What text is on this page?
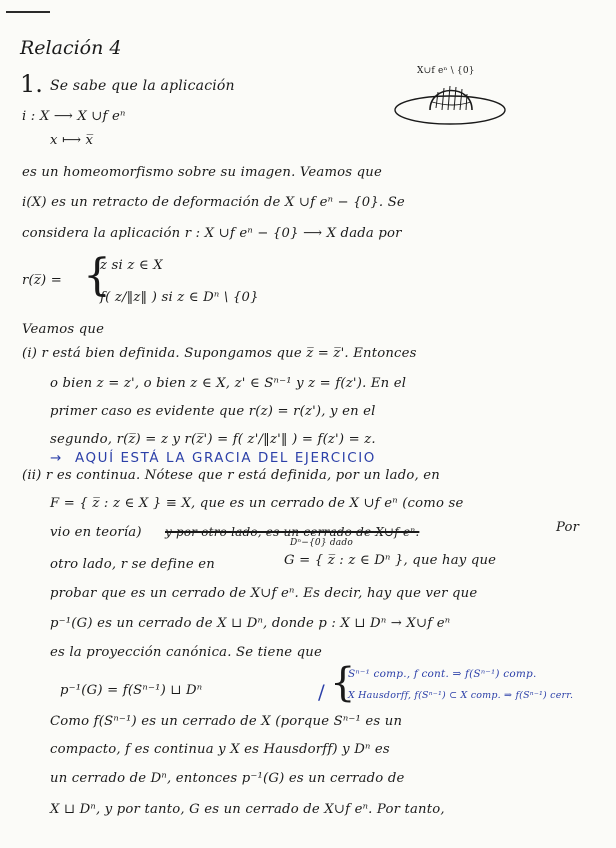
Relación 4
1. Se sabe que la aplicación
X∪f eⁿ \ {0}
i : X ⟶ X ∪f eⁿ
x ⟼ x̅
es un homeomorfismo sobre su imagen. Veamos que
i(X) es un retracto de deformación de X ∪f eⁿ − {0}. Se
considera la aplicación r : X ∪f eⁿ − {0} ⟶ X dada por
r(z̅) = {
z si z ∈ X
f( z/‖z‖ ) si z ∈ Dⁿ \ {0}
Veamos que
(i) r está bien definida. Supongamos que z̅ = z̅'. Entonces
o bien z = z', o bien z ∈ X, z' ∈ Sⁿ⁻¹ y z = f(z'). En el
primer caso es evidente que r(z) = r(z'), y en el
segundo, r(z̅) = z y r(z̅') = f( z'/‖z'‖ ) = f(z') = z.
→ AQUÍ ESTÁ LA GRACIA DEL EJERCICIO
(ii) r es continua. Nótese que r está definida, por un lado, en
F = { z̅ : z ∈ X } ≡ X, que es un cerrado de X ∪f eⁿ (como se
vio en teoría) y por otro lado, es un cerrado de X∪f eⁿ.	Por
otro lado, r se define en
Dⁿ−{0} dado
G = { z̅ : z ∈ Dⁿ }, que hay que
probar que es un cerrado de X∪f eⁿ. Es decir, hay que ver que
p⁻¹(G) es un cerrado de X ⊔ Dⁿ, donde p : X ⊔ Dⁿ → X∪f eⁿ
es la proyección canónica. Se tiene que
p⁻¹(G) = f(Sⁿ⁻¹) ⊔ Dⁿ	/ {
Sⁿ⁻¹ comp., f cont. ⇒ f(Sⁿ⁻¹) comp.
X Hausdorff, f(Sⁿ⁻¹) ⊂ X comp. ⇒ f(Sⁿ⁻¹) cerr.
Como f(Sⁿ⁻¹) es un cerrado de X (porque Sⁿ⁻¹ es un
compacto, f es continua y X es Hausdorff) y Dⁿ es
un cerrado de Dⁿ, entonces p⁻¹(G) es un cerrado de
X ⊔ Dⁿ, y por tanto, G es un cerrado de X∪f eⁿ. Por tanto,
